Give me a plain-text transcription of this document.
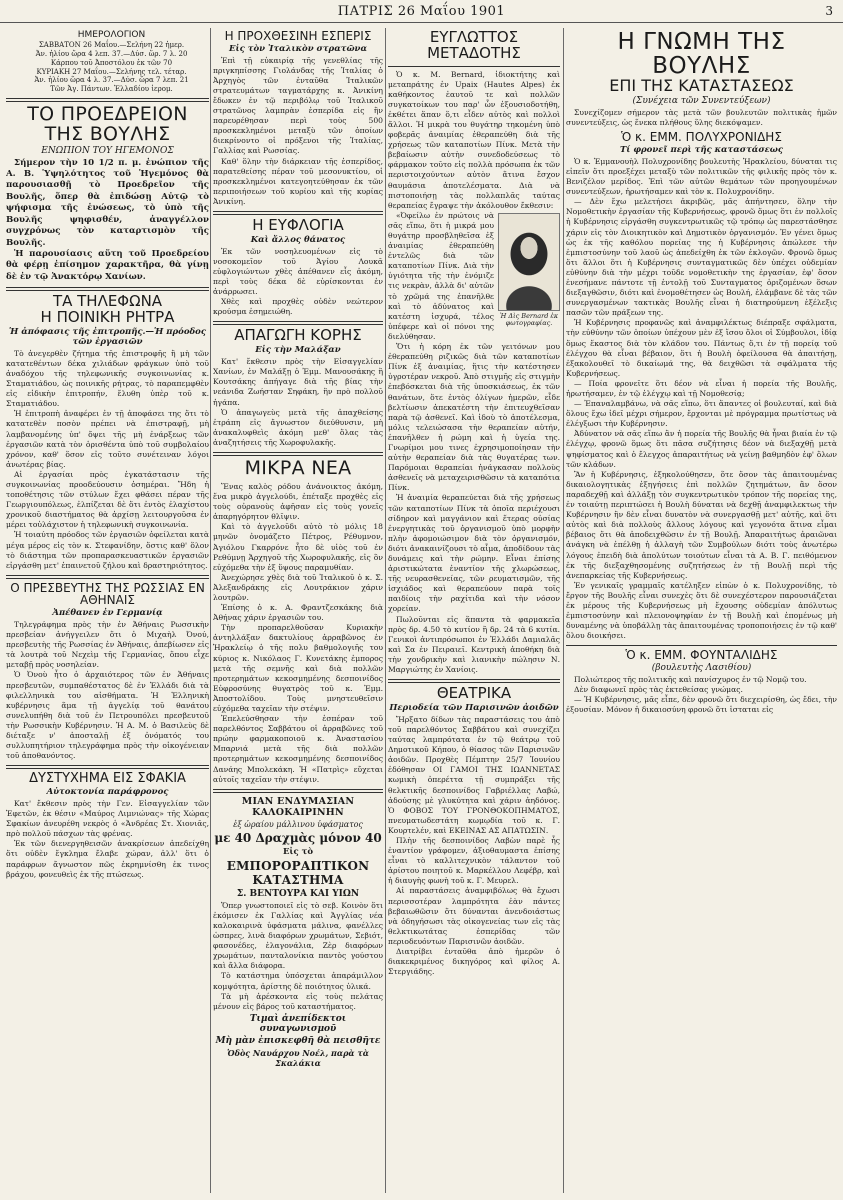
ΠΑΤΡΙΣ 26 Μαΐου 1901	3

ΗΜΕΡΟΛΟΓΙΟΝ

ΣΑΒΒΑΤΟΝ 26 Μαΐου.—Σελήνη 22 ἡμερ.

Ἀν. ἡλίου ὥρα 4 λεπ. 37.—Δύσ. ὥρ. 7 λ. 20

Κάρπου τοῦ Ἀποστόλου ἐκ τῶν 70

ΚΥΡΙΑΚΗ 27 Μαΐου.—Σελήνης τελ. τέταρ.

Ἀν. ἡλίου ὥρα 4 λ. 37.—Δύσ. ὥρα 7 λεπ. 21

Τῶν Ἁγ. Πάντων. Ἑλλαδίου ἱερομ.

ΤΟ ΠΡΟΕΔΡΕΙΟΝ ΤΗΣ ΒΟΥΛΗΣ
ΕΝΩΠΙΟΝ ΤΟΥ ΗΓΕΜΟΝΟΣ

Σήμερον τὴν 10 1/2 π. μ. ἐνώπιον τῆς Α. Β. Ὑψηλότητος τοῦ Ἡγεμόνος θὰ παρουσιασθῇ τὸ Προεδρεῖον τῆς Βουλῆς, ὅπερ θὰ ἐπιδώσῃ Αὐτῷ τὸ ψήφισμα τῆς ἑνώσεως, τὸ ὑπὸ τῆς Βουλῆς ψηφισθέν, ἀναγγέλλον συγχρόνως τὸν καταρτισμὸν τῆς Βουλῆς.

Ἡ παρουσίασις αὕτη τοῦ Προεδρείου θὰ φέρῃ ἐπίσημον χαρακτῆρα, θὰ γίνῃ δὲ ἐν τῷ Ἀνακτόρῳ Χανίων.

ΤΑ ΤΗΛΕΦΩΝΑ
Η ΠΟΙΝΙΚΗ ΡΗΤΡΑ
Ἡ ἀπόφασις τῆς ἐπιτροπῆς.—Ἡ πρόοδος τῶν ἐργασιῶν

Τὸ ἀνεγερθὲν ζήτημα τῆς ἐπιστροφῆς ἢ μὴ τῶν κατατεθέντων δέκα χιλιάδων φράγκων ὑπὸ τοῦ ἀναδόχου τῆς τηλεφωνικῆς συγκοινωνίας κ. Σταματιάδου, ὡς ποινικῆς ρήτρας, τὸ παραπεμφθὲν εἰς εἰδικὴν ἐπιτροπήν, ἔλυθη ὑπὲρ τοῦ κ. Σταματιάδου.

Ἡ ἐπιτροπὴ ἀναφέρει ἐν τῇ ἀποφάσει της ὅτι τὸ κατατεθὲν ποσὸν πρέπει νὰ ἐπιστραφῇ, μὴ λαμβανομένης ὑπ' ὄψει τῆς μὴ ἐνάρξεως τῶν ἐργασιῶν κατὰ τὸν ὁρισθέντα ὑπὸ τοῦ συμβολαίου χρόνον, καθ' ὅσον εἰς τοῦτο συνέτειναν λόγοι ἀνωτέρας βίας.

Αἱ ἐργασίαι πρὸς ἐγκατάστασιν τῆς συγκοινωνίας προοδεύουσιν ὁσημέραι. Ἤδη ἡ τοποθέτησις τῶν στύλων ἔχει φθάσει πέραν τῆς Γεωργιουπόλεως, ἐλπίζεται δὲ ὅτι ἐντὸς ἐλαχίστου χρονικοῦ διαστήματος θὰ ἀρχίσῃ λειτουργοῦσα ἐν μέρει τοὐλάχιστον ἡ τηλεφωνικὴ συγκοινωνία.

Ἡ τοιαύτη πρόοδος τῶν ἐργασιῶν ὀφείλεται κατὰ μέγα μέρος εἰς τὸν κ. Στεφανίδην, ὅστις καθ' ὅλον τὸ διάστημα τῶν προπαρασκευαστικῶν ἐργασιῶν εἰργάσθη μετ' ἐπαινετοῦ ζήλου καὶ δραστηριότητος.

Ο ΠΡΕΣΒΕΥΤΗΣ ΤΗΣ ΡΩΣΣΙΑΣ ΕΝ ΑΘΗΝΑΙΣ
Ἀπέθανεν ἐν Γερμανίᾳ

Τηλεγράφημα πρὸς τὴν ἐν Ἀθήναις Ρωσσικὴν πρεσβείαν ἀνήγγειλεν ὅτι ὁ Μιχαὴλ Ὀνού, πρεσβευτὴς τῆς Ρωσσίας ἐν Ἀθήναις, ἀπεβίωσεν εἰς τὰ λουτρὰ τοῦ Νεχεὶμ τῆς Γερμανίας, ὅπου εἶχε μεταβῇ πρὸς νοσηλείαν.

Ὁ Ὀνοὺ ἦτο ὁ ἀρχαιότερος τῶν ἐν Ἀθήναις πρεσβευτῶν, συμπαθέστατος δὲ ἐν Ἑλλάδι διὰ τὰ φιλελληνικὰ του αἰσθήματα. Ἡ Ἑλληνικὴ κυβέρνησις ἅμα τῇ ἀγγελίᾳ τοῦ θανάτου συνελυπήθη διὰ τοῦ ἐν Πετρουπόλει πρεσβευτοῦ τὴν Ρωσσικὴν Κυβέρνησιν. Ἡ Α. Μ. ὁ Βασιλεὺς δὲ διέταξε ν' ἀποσταλῇ ἐξ ὀνόματός του συλλυπητήριον τηλεγράφημα πρὸς τὴν οἰκογένειαν τοῦ ἀποθανόντος.

ΔΥΣΤΥΧΗΜΑ ΕΙΣ ΣΦΑΚΙΑ
Αὐτοκτονία παράφρονος

Κατ' ἔκθεσιν πρὸς τὴν Γεν. Εἰσαγγελίαν τῶν Ἐφετῶν, ἐκ θέσιν «Μαύρος Λιμνιώνας» τῆς Χώρας Σφακίων ἀνευρέθη νεκρὸς ὁ «Ἀνδρέας Στ. Χιονιᾶς, πρὸ πολλοῦ πάσχων τὰς φρένας.

Ἐκ τῶν διενεργηθεισῶν ἀνακρίσεων ἀπεδείχθη ὅτι οὐδὲν ἔγκλημα ἔλαβε χώραν, ἀλλ' ὅτι ὁ παράφρων ἄγνωστον πῶς ἐκρημνίσθη ἐκ τινος βράχου, φονευθεὶς ἐκ τῆς πτώσεως.

Η ΠΡΟΧΘΕΣΙΝΗ ΕΣΠΕΡΙΣ
Εἰς τὸν Ἰταλικὸν στρατῶνα

Ἐπὶ τῇ εὐκαιρίᾳ τῆς γενεθλίας τῆς πριγκηπίσσης Γιολάνδας τῆς Ἰταλίας ὁ Ἀρχηγὸς τῶν ἐνταῦθα Ἰταλικῶν στρατευμάτων ταγματάρχης κ. Ἀνικίνη ἔδωκεν ἐν τῷ περιβόλῳ τοῦ Ἰταλικοῦ στρατῶνος λαμπρὰν ἑσπερίδα εἰς ἣν παρευρέθησαν περὶ τοὺς 500 προσκεκλημένοι μεταξὺ τῶν ὁποίων διεκρίνοντο οἱ πρόξενοι τῆς Ἰταλίας, Γαλλίας καὶ Ρωσσίας.

Καθ' ὅλην τὴν διάρκειαν τῆς ἑσπερίδος, παρατεθείσης πέραν τοῦ μεσονυκτίου, οἱ προσκεκλημένοι κατεγοητεύθησαν ἐκ τῶν περιποιήσεων τοῦ κυρίου καὶ τῆς κυρίας Ἀνικίνη.

Η ΕΥΦΛΟΓΙΑ
Καὶ ἄλλος θάνατος

Ἐκ τῶν νοσηλευομένων εἰς τὸ νοσοκομεῖον τοῦ Ἁγίου Λουκᾶ εὐφλογιώντων χθὲς ἀπέθανεν εἷς ἀκόμη, περὶ τοὺς δέκα δὲ εὑρίσκονται ἐν ἀνάρρωσει.

Χθὲς καὶ προχθὲς οὐδὲν νεώτερον κρούσμα ἐσημειώθη.

ΑΠΑΓΩΓΗ ΚΟΡΗΣ
Εἰς τὴν Μαλάξαν

Κατ' ἔκθεσιν πρὸς τὴν Εἰσαγγελίαν Χανίων, ἐν Μαλάξῃ ὁ Ἐμμ. Μανουσάκης ἢ Κουτσάκης ἀπήγαγε διὰ τῆς βίας τὴν νεάνιδα Ζωήσταν Σηφάκη, ἣν πρὸ πολλοῦ ἠγάπα.

Ὁ ἀπαγωγεὺς μετὰ τῆς ἀπαχθείσης ἐτράπη εἰς ἄγνωστον διεύθυνσιν, μὴ ἀνακαλυφθεὶς ἀκόμη μεθ' ὅλας τὰς ἀναζητήσεις τῆς Χωροφυλακῆς.

ΜΙΚΡΑ ΝΕΑ

Ἕνας καλὸς ρόδου ἀνάνοικτος ἀκόμη, ἕνα μικρὸ ἀγγελούδι, ἐπέταξε προχθὲς εἰς τοὺς οὐρανοὺς ἀφῆσαν εἰς τοὺς γονεῖς ἀπαρηγόρητον θλῖψιν.

Καὶ τὸ ἀγγελοῦδι αὐτὸ τὸ μόλις 18 μηνῶν ὀνομάζετο Πέτρος, Ρέθυμνον, Ἀγιόλου Γκαρρόνε ἦτο δὲ υἱὸς τοῦ ἐν Ρεθύμνῃ Ἀρχηγοῦ τῆς Χωροφυλακῆς, εἰς ὃν εὐχόμεθα τὴν ἐξ ὕψους παραμυθίαν.

Ἀνεχώρησε χθὲς διὰ τοῦ Ἰταλικοῦ ὁ κ. Σ. Ἀλεξανδράκης εἰς Λουτράκιον χάριν λουτρῶν.

Ἐπίσης ὁ κ. Α. Φραντζεσκάκης διὰ Ἀθήνας χάριν ἐργασιῶν του.

Τὴν προπαρελθοῦσαν Κυριακὴν ἀντηλλάξαν δακτυλίους ἀρραβῶνος ἐν Ἡρακλείῳ ὁ τῆς πολυ βαθμολογιῆς του κύριος κ. Νικόλαος Γ. Κυνετάκης ἐμπορος μετὰ τῆς σεμνῆς καὶ διὰ πολλῶν προτερημάτων κεκοσμημένης δεσποινίδος Εὐφροσύνης θυγατρὸς τοῦ κ. Ἐμμ. Ἀποστολίδου. Τοὺς μνηστευθεῖσιν εὐχόμεθα ταχεῖαν τὴν στέψιν.

Ἐπελεύσθησαν τὴν ἑσπέραν τοῦ παρελθόντος Σαββάτου οἱ ἀρραβῶνες τοῦ πρώην φαρμακοποιοῦ κ. Ἀναστασίου Μπαρνιά μετὰ τῆς διὰ πολλῶν προτερημάτων κεκοσμημένης δεσποινίδος Δανάης Μπολεκάκη. Ἡ «Πατρὶς» εὔχεται αὐτοῖς ταχεῖαν τὴν στέψιν.

ΜΙΑΝ ΕΝΔΥΜΑΣΙΑΝ ΚΑΛΟΚΑΙΡΙΝΗΝ
ἐξ ὡραίου μάλλινου ὑφάσματος
με 40 Δραχμὰς μόνον 40
Εἰς τὸ
ΕΜΠΟΡΟΡΑΠΤΙΚΟΝ ΚΑΤΑΣΤΗΜΑ
Σ. ΒΕΝΤΟΥΡΑ ΚΑΙ ΥΙΩΝ

Ὅπερ γνωστοποιεῖ εἰς τὸ σεβ. Κοινὸν ὅτι ἐκόμισεν ἐκ Γαλλίας καὶ Ἀγγλίας νέα καλοκαιρινὰ ὑφάσματα μάλινα, φανέλλες ὡσπρες, λινὰ διαφόρων χρωμάτων, Σεβιότ, φασονέδες, ἐλαγονάλια, Ζὲρ διαφόρων χρωμάτων, πανταλονίκια παντὸς γούστου καὶ ἄλλα διάφορα.

Τὸ κατάστημα ὑπόσχεται ἀπαράμιλλον κομψότητα, ἀρίστης δὲ ποιότητος ὑλικά.

Τὰ μὴ ἀρέσκοντα εἰς τοὺς πελάτας μένουν εἰς βάρος τοῦ καταστήματος.

Τιμαὶ ἀνεπίδεκτοι συναγωνισμοῦ
Μὴ μὰν ἐπισκεφθῆ θὰ πεισθῆτε
Ὁδὸς Ναυάρχου Νοέλ, παρὰ τὰ Σκαλάκια
ΕΥΓΛΩΤΤΟΣ ΜΕΤΑΔΟΤΗΣ

Ὁ κ. Μ. Bernard, ἰδιοκτήτης καὶ μεταπράτης ἐν Upaix (Hautes Alpes) ἐκ καθήκοντος ἑαυτοῦ τε καὶ πολλῶν συγκατοίκων του παρ' ὧν ἐξουσιοδοτήθη, ἐκθέτει ἅπαν ὅ,τι εἶδεν αὐτὸς καὶ πολλοὶ ἄλλοι. Ἡ μικρὰ του θυγάτηρ τηκομένη ὑπὸ φοβερᾶς ἀναιμίας ἐθεραπεύθη διὰ τῆς χρήσεως τῶν καταποτίων Πίνκ. Μετὰ τὴν βεβαίωσιν αὐτὴν συνεδοδεύσεως τὸ φάρμακον τοῦτο εἰς πολλὰ πρόσωπα ἐκ τῶν περιστοιχούντων αὐτὸν ἅτινα ἔσχον θαυμάσια ἀποτελέσματα. Διὰ νὰ πιστοποιήσῃ τὰς πολλαπλᾶς ταύτας θεραπείας ἔγραψε τὴν ἀκόλουθον ἔκθεσιν:

Ἡ Δὶς Bernard ἐκ φωτογραφίας.

«Ὀφείλω ἐν πρώτοις νὰ σᾶς εἴπω, ὅτι ἡ μικρά μου θυγάτηρ προσβληθεῖσα ἐξ ἀναιμίας ἐθεραπεύθη ἐντελῶς διὰ τῶν καταποτίων Πίνκ. Διὰ τὴν ὑγιότητα τῆς τὴν ἐνόμιζε τις νεκρὰν, ἀλλὰ δι' αὐτῶν τὸ χρῶμά της ἐπανῆλθε καὶ τὸ ἀδύνατος καὶ κατέστη ἰσχυρά, τέλος ὑπέφερε καὶ οἱ πόνοι της διελύθησαν.

Ὅτι ἡ κόρη ἐκ τῶν γειτόνων μου ἐθεραπεύθη ριζικῶς διὰ τῶν καταποτίων Πίνκ ἐξ ἀναιμίας, ἥτις τὴν κατέστησεν ὑγροτέραν νεκροῦ. Ἀπὸ στιγμῆς εἰς στιγμὴν ἐπεβόσκεται διὰ τῆς ὑποσκιάσεως, ἐκ τῶν θανάτων, ὅτε ἐντὸς ὀλίγων ἡμερῶν, εἶδε βελτίωσιν ἀπεκατέστη τὴν ἐπιτευχθεῖσαν παρὰ τῷ ἀσθενεῖ. Καὶ ἰδοὺ τὸ ἀποτέλεσμα, μόλις τελειώσασα τὴν θεραπείαν αὐτήν, ἐπανῆλθεν ἡ ρώμη καὶ ἡ ὑγεία της. Γνωρίμοι μου τινες ἐχρησιμοποίησαν τὴν αὐτὴν θεραπείαν διὰ τὰς θυγατέρας των. Παρόμοιαι θεραπείαι ἠνάγκασαν πολλοὺς ἀσθενεῖς νὰ μεταχειρισθῶσιν τὰ καταπότια Πίνκ.

Ἡ ἀναιμία θεραπεύεται διὰ τῆς χρήσεως τῶν καταποτίων Πίνκ τὰ ὁποῖα περιέχουσι σίδηρον καὶ μαγγάνιον καὶ ἕτερας οὐσίας ἐνεργητικὰς τοῦ ὀργανισμοῦ ὑπὸ μορφὴν πλὴν ἀφομοιώσιμον διὰ τὸν ὀργανισμόν, διότι ἀνακαινίζουσι τὸ αἷμα, ἀποδίδουν τὰς δυνάμεις καὶ τὴν ρώμην. Εἶναι ἐπίσης ἀριστικώτατα ἐναντίον τῆς χλωρώσεως, τῆς νευρασθενείας, τῶν ρευματισμῶν, τῆς ἰσχιάδος καὶ θεραπεύουν παρὰ τοῖς παιδίοις τὴν ραχίτιδα καὶ τὴν νόσον χορείαν.

Πωλοῦνται εἰς ἅπαντα τὰ φαρμακεῖα πρὸς δρ. 4.50 τὸ κυτίον ἢ δρ. 24 τὰ 6 κυτία. Γενικοὶ ἀντιπρόσωποι ἐν Ἑλλάδι Δαμιαλᾶς καὶ Σα ἐν Πειραιεῖ. Κεντρικὴ ἀποθήκη διὰ τὴν χονδρικὴν καὶ λιανικὴν πώλησιν Ν. Μαργιώτης ἐν Χανίοις.

ΘΕΑΤΡΙΚΑ
Περιοδεία τῶν Παρισινῶν ἀοιδῶν

Ἤρξατο δίδων τὰς παραστάσεις του ἀπὸ τοῦ παρελθόντος Σαββάτου καὶ συνεχίζει ταύτας λαμπρότατα ἐν τῷ θεάτρῳ τοῦ Δημοτικοῦ Κήπου, ὁ θίασος τῶν Παρισινῶν ἀοιδῶν. Προχθὲς Πέμπτην 25/7 Ἰουνίου ἐδόθησαν ΟΙ ΓΑΜΟΙ ΤΗΣ ΙΩΑΝΝΕΤΑΣ κωμικὴ ὀπερέττα τῇ συμπράξει τῆς θελκτικῆς δεσποινίδος Γαβριέλλας Λαβώ, ἀδούσης μὲ γλυκύτητα καὶ χάριν ἀηδόνος. Ὁ ΦΟΒΟΣ ΤΟΥ ΓΡΟΝΘΟΚΟΠΗΜΑΤΟΣ, πνευματωδεστάτη κωμῳδία τοῦ κ. Γ. Κουρτελέν, καὶ ΕΚΕΙΝΑΣ ΑΣ ΑΠΑΤΩΣΙΝ.

Πλὴν τῆς δεσποινίδος Λαβὼν παρὲ ἧς ἐναντίον γράφομεν, ἀξιοθαυμαστα ἐπίσης εἶναι τὸ καλλιτεχνικὸν τάλαντον τοῦ ἀρίστου ποιητοῦ κ. Μαρκέλλου Λεφέβρ, καὶ ἡ διαυγὴς φωνὴ τοῦ κ. Γ. Μευρελ.

Αἱ παραστάσεις ἀναμφιβόλως θὰ ἔχωσι περισσοτέραν λαμπρότητα ἐὰν πάντες βεβαιωθῶσιν ὅτι δύνανται ἀνενδοιάστως νὰ ὁδηγήσωσι τὰς οἰκογενείας των εἰς τὰς θελκτικωτάτας ἑσπερίδας τῶν περιοδευόντων Παρισινῶν ἀοιδῶν.

Διατρίβει ἐνταῦθα ἀπὸ ἡμερῶν ὁ διακεκριμένος δικηγόρος καὶ φίλος Α. Στεργιάδης.

Η ΓΝΩΜΗ ΤΗΣ ΒΟΥΛΗΣ
ΕΠΙ ΤΗΣ ΚΑΤΑΣΤΑΣΕΩΣ
(Συνέχεια τῶν Συνεντεύξεων)

Συνεχίζομεν σήμερον τὰς μετὰ τῶν βουλευτῶν πολιτικὰς ἡμῶν συνεντεύξεις, ὡς ἕνεκα πλήθους ὕλης διεκόψαμεν.

Ὁ κ. ΕΜΜ. ΠΟΛΥΧΡΟΝΙΔΗΣ
Τί φρονεῖ περὶ τῆς καταστάσεως

Ὁ κ. Ἐμμανουὴλ Πολυχρονίδης βουλευτὴς Ἡρακλείου, δύναται τις εἰπεῖν ὅτι προεξέχει μεταξὺ τῶν πολιτικῶν τῆς φιλικῆς πρὸς τὸν κ. Βενιζέλον μερίδος. Ἐπὶ τῶν αὐτῶν θεμάτων τῶν προηγουμένων συνεντεύξεων, ἠρωτήσαμεν καὶ τὸν κ. Πολυχρονίδην.

— Δὲν ἔχω μελετήσει ἀκριβῶς, μᾶς ἀπήντησεν, ὅλην τὴν Νομοθετικὴν ἐργασίαν τῆς Κυβερνήσεως, φρονῶ ὅμως ὅτι ἐν πολλοῖς ἡ Κυβέρνησις εἰργάσθη συγκεντρωτικῶς τῷ τρόπῳ ὡς παρεστάσθησε χάριν εἰς τὸν Διοικητικὸν καὶ Δημοτικὸν ὀργανισμόν. Ἐν γένει ὅμως ὡς ἐκ τῆς καθόλου πορείας της ἡ Κυβέρνησις ἀπώλεσε τὴν ἐμπιστοσύνην τοῦ λαοῦ ὡς ἀπεδείχθη ἐκ τῶν ἐκλογῶν. Φρονῶ ὅμως ὅτι ἄλλοι ὅτι ἡ Κυβέρνησις συνταγματικῶς δὲν ὑπέχει οὐδεμίαν εὐθύνην διὰ τὴν μέχρι τοῦδε νομοθετικὴν της ἐργασίαν, ἐφ' ὅσον ἐνεσήμανε πάντοτε τῇ ἐντολῇ τοῦ Συνταγματος ὁριζομένων ὅσων διεξαγθῶσιν, διότι καὶ ἐνομοθέτησεν ὡς Βουλή, ἐλάμβανε δὲ τὰς τῶν συνεργασμένων τακτικὰς Βουλῆς εἶναι ἡ διατηρούμενη ἐξέλεξις πασῶν τῶν πράξεων της.

Ἡ Κυβέρνησις προφανῶς καὶ ἀναμφιλέκτως διέπραξε σφάλματα, τὴν εὐθύνην τῶν ὁποίων ὑπέχουν μὲν ἐξ ἴσου ὅλοι οἱ Σύμβουλοι, ἰδίᾳ ὅμως ἕκαστος διὰ τὸν κλάδον του. Πάντως ὅ,τι ἐν τῇ πορείᾳ τοῦ ἐλέγχου θὰ εἶναι βέβαιον, ὅτι ἡ Βουλὴ ὀφείλουσα θὰ ἀπαιτήσῃ, ἐξακολουθεῖ τὸ δικαίωμά της, θὰ δειχθῶσι τὰ σφάλματα τῆς Κυβερνήσεως.

— Ποία φρονεῖτε ὅτι δέον νὰ εἶναι ἡ πορεία τῆς Βουλῆς, ἠρωτήσαμεν, ἐν τῷ ἐλέγχῳ καὶ τῇ Νομοθεσίᾳ;

— Ἐπαναλαμβάνω, νὰ σᾶς εἴπω, ὅτι ἅπαντες οἱ βουλευταί, καὶ διὰ ὅλους ἔχω ἰδεῖ μέχρι σήμερον, ἔρχονται μὲ πρόγραμμα πρωτίστως νὰ ἐλέγξωσι τὴν Κυβέρνησιν.

Ἀδύνατον νὰ σᾶς εἴπω ἂν ἡ πορεία τῆς Βουλῆς θὰ ἦναι βιαία ἐν τῷ ἐλέγχῳ, φρονῶ ὅμως ὅτι πᾶσα συζήτησις δέον νὰ διεξαχθῇ μετὰ ψηφίσματος καὶ ὁ ἔλεγχος ἀπαραιτήτως νὰ γείνῃ βαθμηδὸν ἐφ' ὅλων τῶν κλάδων.

Ἂν ἡ Κυβέρνησις, ἐξηκολούθησεν, ὅτε ὅσον τὰς ἀπαιτουμένας δικαιολογητικὰς ἐξηγήσεις ἐπὶ πολλῶν ζητημάτων, ἂν ὅσον παραδεχθῇ καὶ ἀλλάξῃ τὸν συγκεντρωτικὸν τρόπον τῆς πορείας της, ἐν τοιαύτῃ περιπτώσει ἡ Βουλὴ δύναται νὰ δεχθῇ ἀναμφιλεκτως τὴν Κυβέρνησιν ἣν δὲν εἶναι δυνατὸν νὰ συνεργασθῇ μετ' αὐτῆς, καὶ ὅτι αὐτὸς καὶ διὰ πολλοὺς ἄλλους λόγους καὶ γεγονότα ἅτινα εἶμαι βέβαιος ὅτι θὰ ἀποδειχθῶσιν ἐν τῇ Βουλῇ. Ἀπαραιτήτως ἀραιῶναι ἀνάγκη νὰ ἐπέλθῃ ἡ ἀλλαγὴ τῶν Συμβούλων διότι τοὺς ἀνωτέρω λόγους ἐπειδὴ διὰ ἀπολύτων τοιούτων εἶναι τὰ Α. Β. Γ. πειθόμενον ἐκ τῆς διεξαχθησομένης συζητήσεως ἐν τῇ Βουλῇ περὶ τῆς ἀνεπαρκείας τῆς Κυβερνήσεως.

Ἐν γενικαῖς γραμμαῖς κατέληξεν εἰπὼν ὁ κ. Πολυχρονίδης, τὸ ἔργον τῆς Βουλῆς εἶναι συνεχὲς ὅτι δὲ συνεχέστερον παρουσιάζεται ἐκ μέρους τῆς Κυβερνήσεως μὴ ἔχουσης οὐδεμίαν ἀπόλυτως ἐμπιστοσύνην καὶ πλειονοψηφίαν ἐν τῇ Βουλῇ καὶ ἐπομένως μὴ δυναμένης νὰ ὑποβάλλῃ τὰς ἀπαιτουμένας τροποποιήσεις ἐν τῷ καθ' ὅλου διοικήσει.

Ὁ κ. ΕΜΜ. ΦΟΥΝΤΑΛΙΔΗΣ
(βουλευτὴς Λασιθίου)

Πολιώτερος τῆς πολιτικῆς καὶ πανίσχυρος ἐν τῷ Νομῷ του.

Δὲν διαφωνεῖ πρὸς τὰς ἐκτεθείσας γνώμας.

— Ἡ Κυβέρνησις, μᾶς εἶπε, δὲν φρονῶ ὅτι διεχειρίσθη, ὡς ἔδει, τὴν ἐξουσίαν. Μόνον ἡ δικαιοσύνη φρονῶ ὅτι ἱσταται εἰς
